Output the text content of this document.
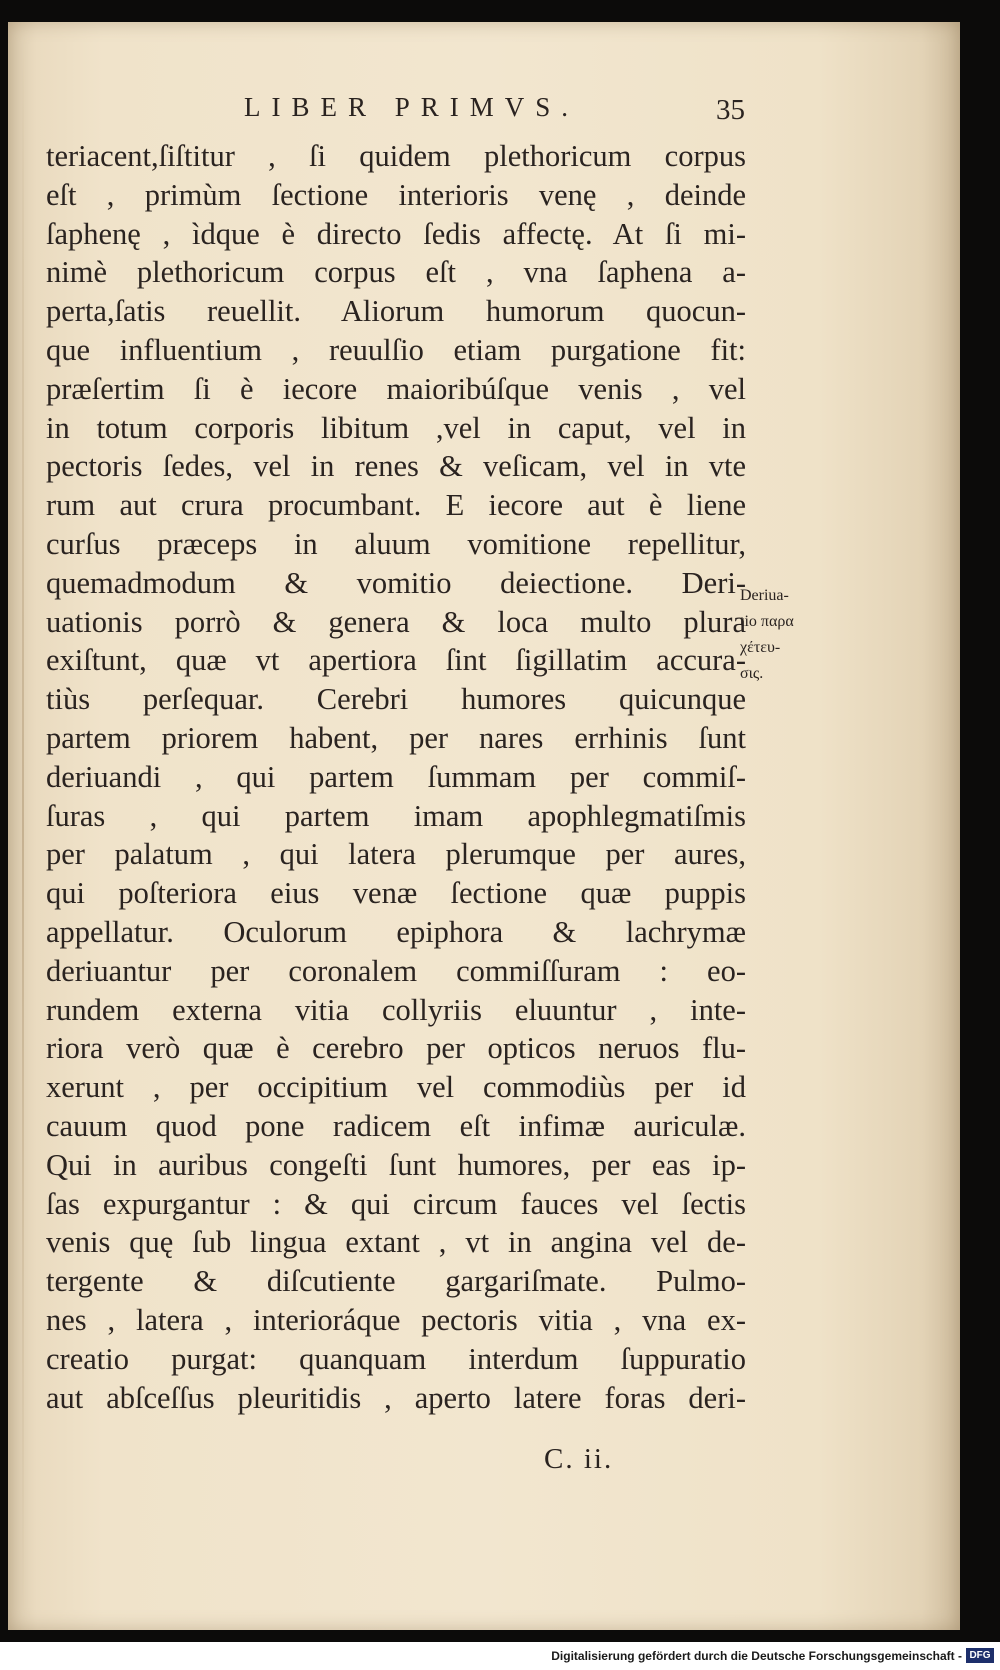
LIBER PRIMVS.	35
teriacent,ſiſtitur , ſi quidem plethoricum corpus
eſt , primùm ſectione interioris venę , deinde
ſaphenę , ìdque è directo ſedis affectę. At ſi mi-
nimè plethoricum corpus eſt , vna ſaphena a-
perta,ſatis reuellit. Aliorum humorum quocun-
que influentium , reuulſio etiam purgatione fit:
præſertim ſi è iecore maioribúſque venis , vel
in totum corporis libitum ,vel in caput, vel in
pectoris ſedes, vel in renes & veſicam, vel in vte
rum aut crura procumbant. E iecore aut è liene
curſus præceps in aluum vomitione repellitur,
quemadmodum & vomitio deiectione. Deri-
uationis porrò & genera & loca multo plura
exiſtunt, quæ vt apertiora ſint ſigillatim accura-
tiùs perſequar. Cerebri humores quicunque
partem priorem habent, per nares errhinis ſunt
deriuandi , qui partem ſummam per commiſ-
ſuras , qui partem imam apophlegmatiſmis
per palatum , qui latera plerumque per aures,
qui poſteriora eius venæ ſectione quæ puppis
appellatur. Oculorum epiphora & lachrymæ
deriuantur per coronalem commiſſuram : eo-
rundem externa vitia collyriis eluuntur , inte-
riora verò quæ è cerebro per opticos neruos flu-
xerunt , per occipitium vel commodiùs per id
cauum quod pone radicem eſt infimæ auriculæ.
Qui in auribus congeſti ſunt humores, per eas ip-
ſas expurgantur : & qui circum fauces vel ſectis
venis quę ſub lingua extant , vt in angina vel de-
tergente & diſcutiente gargariſmate. Pulmo-
nes , latera , interioráque pectoris vitia , vna ex-
creatio purgat: quanquam interdum ſuppuratio
aut abſceſſus pleuritidis , aperto latere foras deri-
Deriua-
tio παρα
χέτευ-
σις.
C. ii.
Digitalisierung gefördert durch die Deutsche Forschungsgemeinschaft - DFG
